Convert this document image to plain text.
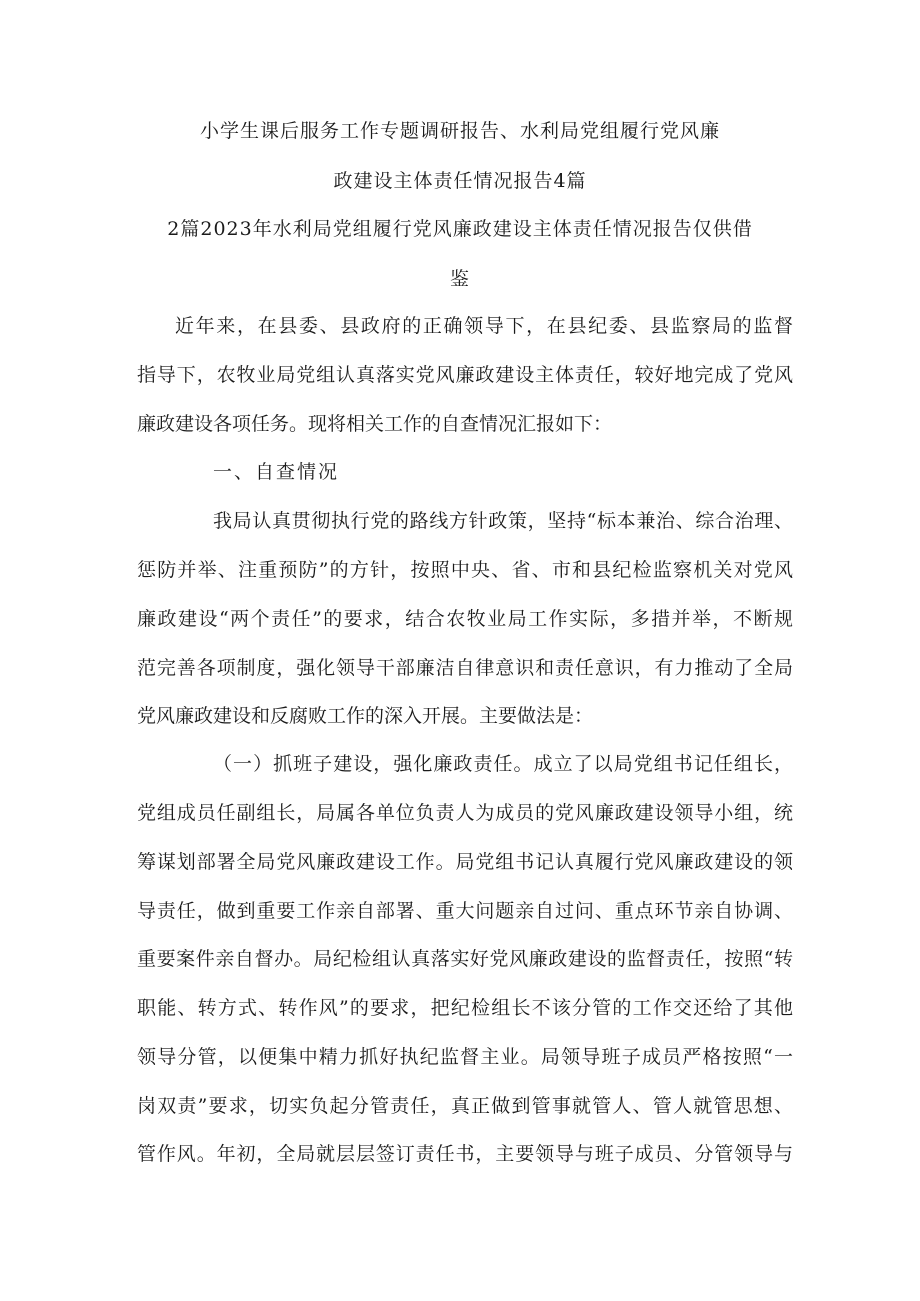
小学生课后服务工作专题调研报告、水利局党组履行党风廉
政建设主体责任情况报告4篇
2篇2023年水利局党组履行党风廉政建设主体责任情况报告仅供借
鉴
近年来，在县委、县政府的正确领导下，在县纪委、县监察局的监督
指导下，农牧业局党组认真落实党风廉政建设主体责任，较好地完成了党风
廉政建设各项任务。现将相关工作的自查情况汇报如下：
一、自查情况
我局认真贯彻执行党的路线方针政策，坚持“标本兼治、综合治理、
惩防并举、注重预防”的方针，按照中央、省、市和县纪检监察机关对党风
廉政建设“两个责任”的要求，结合农牧业局工作实际，多措并举，不断规
范完善各项制度，强化领导干部廉洁自律意识和责任意识，有力推动了全局
党风廉政建设和反腐败工作的深入开展。主要做法是：
（一）抓班子建设，强化廉政责任。成立了以局党组书记任组长，
党组成员任副组长，局属各单位负责人为成员的党风廉政建设领导小组，统
筹谋划部署全局党风廉政建设工作。局党组书记认真履行党风廉政建设的领
导责任，做到重要工作亲自部署、重大问题亲自过问、重点环节亲自协调、
重要案件亲自督办。局纪检组认真落实好党风廉政建设的监督责任，按照“转
职能、转方式、转作风”的要求，把纪检组长不该分管的工作交还给了其他
领导分管，以便集中精力抓好执纪监督主业。局领导班子成员严格按照“一
岗双责”要求，切实负起分管责任，真正做到管事就管人、管人就管思想、
管作风。年初，全局就层层签订责任书，主要领导与班子成员、分管领导与
